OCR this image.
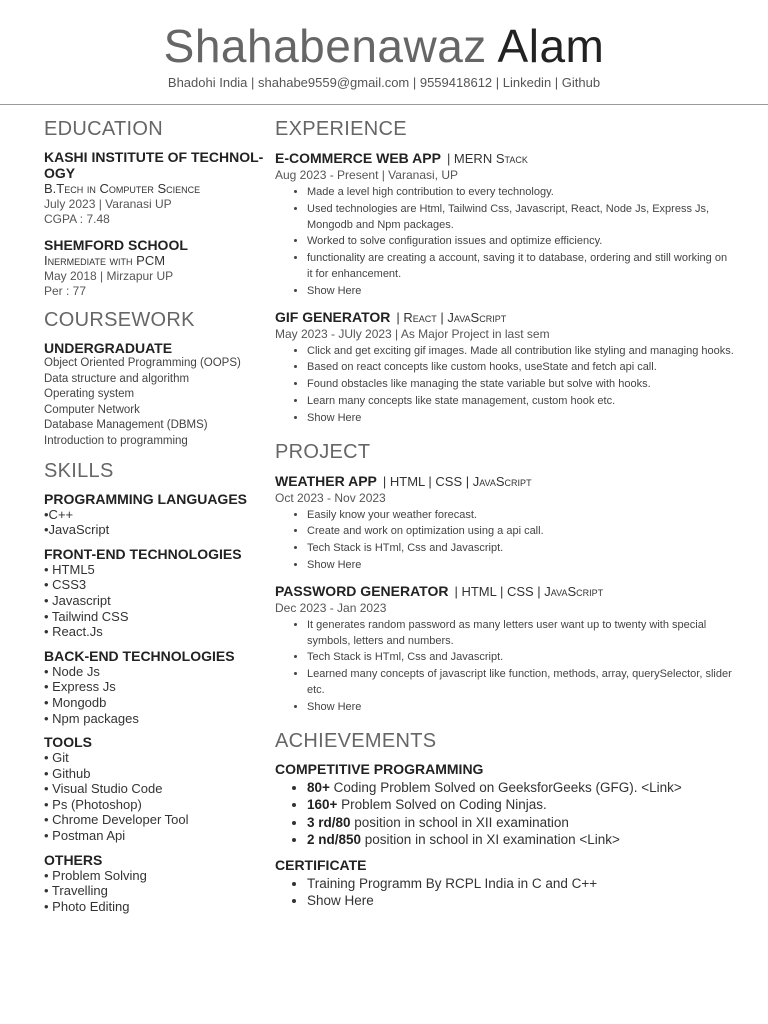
Shahabenawaz Alam
Bhadohi India | shahabe9559@gmail.com | 9559418612 | Linkedin | Github
EDUCATION
KASHI INSTITUTE OF TECHNOL-OGY
B.Tech in Computer Science
July 2023 | Varanasi UP
CGPA : 7.48
SHEMFORD SCHOOL
Inermediate with PCM
May 2018 | Mirzapur UP
Per : 77
COURSEWORK
UNDERGRADUATE
Object Oriented Programming (OOPS)
Data structure and algorithm
Operating system
Computer Network
Database Management (DBMS)
Introduction to programming
SKILLS
PROGRAMMING LANGUAGES
•C++
•JavaScript
FRONT-END TECHNOLOGIES
• HTML5
• CSS3
• Javascript
• Tailwind CSS
• React.Js
BACK-END TECHNOLOGIES
• Node Js
• Express Js
• Mongodb
• Npm packages
TOOLS
• Git
• Github
• Visual Studio Code
• Ps (Photoshop)
• Chrome Developer Tool
• Postman Api
OTHERS
• Problem Solving
• Travelling
• Photo Editing
EXPERIENCE
E-COMMERCE WEB APP | MERN Stack
Aug 2023 - Present | Varanasi, UP
• Made a level high contribution to every technology.
• Used technologies are Html, Tailwind Css, Javascript, React, Node Js, Express Js, Mongodb and Npm packages.
• Worked to solve configuration issues and optimize efficiency.
• functionality are creating a account, saving it to database, ordering and still working on it for enhancement.
• Show Here
GIF GENERATOR | React | JavaScript
May 2023 - JUly 2023 | As Major Project in last sem
• Click and get exciting gif images. Made all contribution like styling and managing hooks.
• Based on react concepts like custom hooks, useState and fetch api call.
• Found obstacles like managing the state variable but solve with hooks.
• Learn many concepts like state management, custom hook etc.
• Show Here
PROJECT
WEATHER APP | HTML | CSS | JavaScript
Oct 2023 - Nov 2023
• Easily know your weather forecast.
• Create and work on optimization using a api call.
• Tech Stack is HTml, Css and Javascript.
• Show Here
PASSWORD GENERATOR | HTML | CSS | JavaScript
Dec 2023 - Jan 2023
• It generates random password as many letters user want up to twenty with special symbols, letters and numbers.
• Tech Stack is HTml, Css and Javascript.
• Learned many concepts of javascript like function, methods, array, querySelector, slider etc.
• Show Here
ACHIEVEMENTS
COMPETITIVE PROGRAMMING
• 80+ Coding Problem Solved on GeeksforGeeks (GFG). <Link>
• 160+ Problem Solved on Coding Ninjas.
• 3 rd/80 position in school in XII examination
• 2 nd/850 position in school in XI examination <Link>
CERTIFICATE
• Training Programm By RCPL India in C and C++
• Show Here
